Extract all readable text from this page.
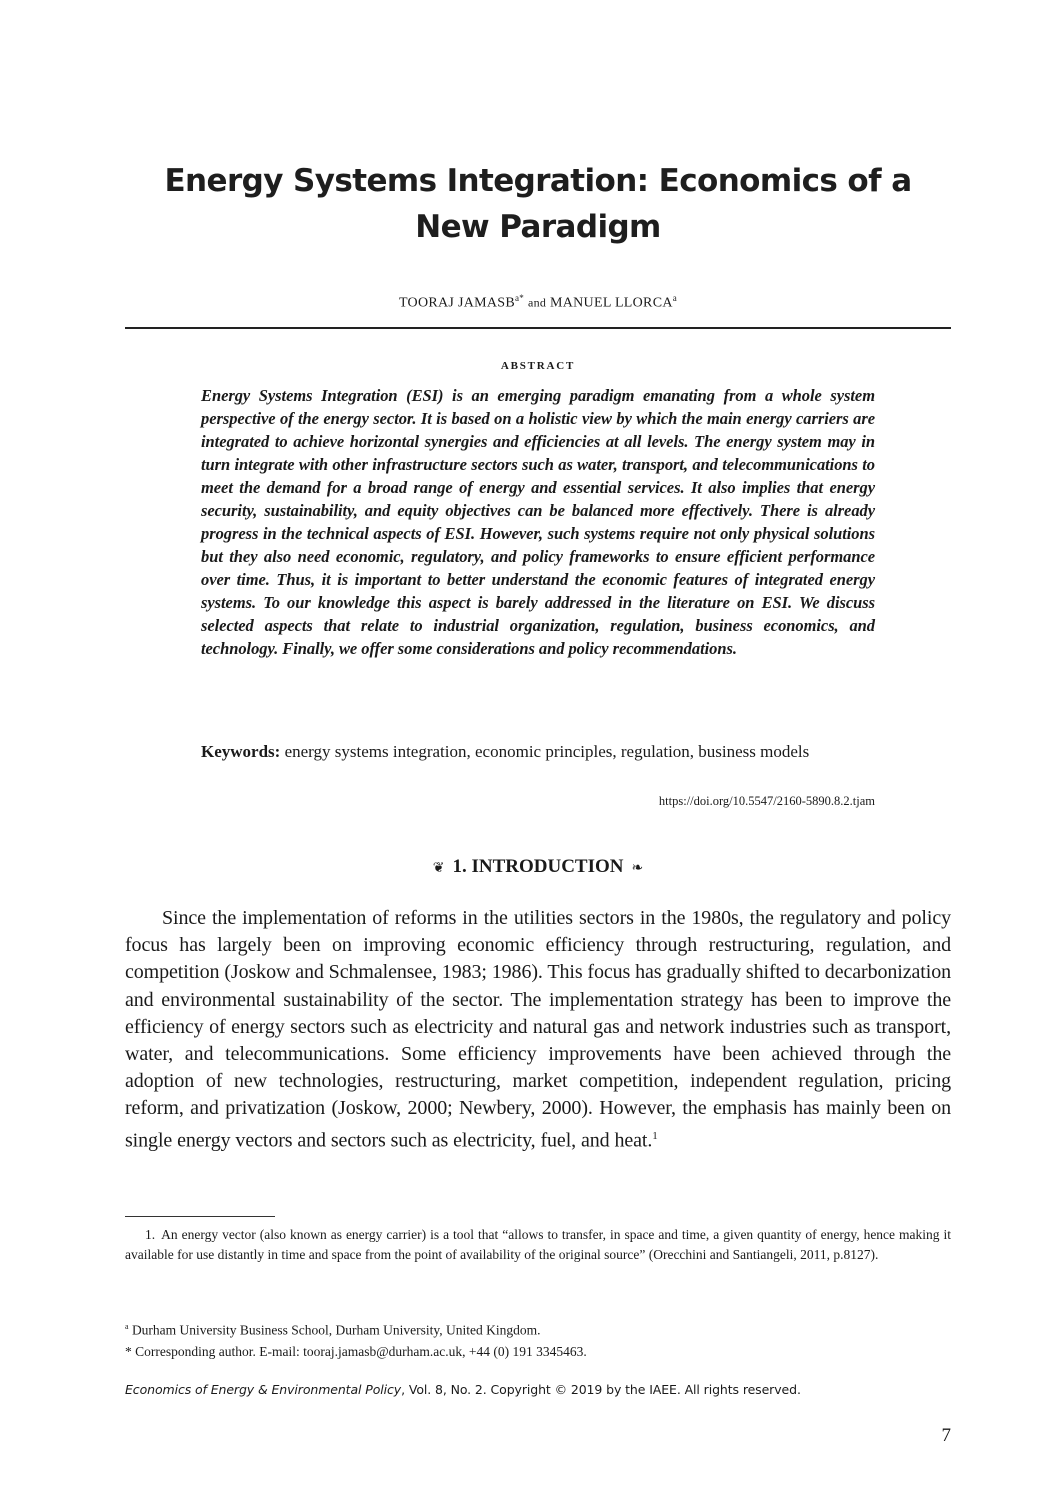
Energy Systems Integration: Economics of a
New Paradigm
TOORAJ $JAMASB^{a*}$ and MANUEL LLORCA$^a$
ABSTRACT
Energy Systems Integration (ESI) is an emerging paradigm emanating from a whole system perspective of the energy sector. It is based on a holistic view by which the main energy carriers are integrated to achieve horizontal synergies and efficiencies at all levels. The energy system may in turn integrate with other infrastructure sectors such as water, transport, and telecommunications to meet the demand for a broad range of energy and essential services. It also implies that energy security, sustainability, and equity objectives can be balanced more effectively. There is already progress in the technical aspects of ESI. However, such systems require not only physical solutions but they also need economic, regulatory, and policy frameworks to ensure efficient performance over time. Thus, it is important to better understand the economic features of integrated energy systems. To our knowledge this aspect is barely addressed in the literature on ESI. We discuss selected aspects that relate to industrial organization, regulation, business economics, and technology. Finally, we offer some considerations and policy recommendations.
Keywords: energy systems integration, economic principles, regulation, business models
https://doi.org/10.5547/2160-5890.8.2.tjam
❦ 1. INTRODUCTION ❧
Since the implementation of reforms in the utilities sectors in the 1980s, the regulatory and policy focus has largely been on improving economic efficiency through restructuring, regulation, and competition (Joskow and Schmalensee, 1983; 1986). This focus has gradually shifted to decarbonization and environmental sustainability of the sector. The implementation strategy has been to improve the efficiency of energy sectors such as electricity and natural gas and network industries such as transport, water, and telecommunications. Some efficiency improvements have been achieved through the adoption of new technologies, restructuring, market competition, independent regulation, pricing reform, and privatization (Joskow, 2000; Newbery, 2000). However, the emphasis has mainly been on single energy vectors and sectors such as electricity, fuel, and heat.$^1$
1. An energy vector (also known as energy carrier) is a tool that “allows to transfer, in space and time, a given quantity of energy, hence making it available for use distantly in time and space from the point of availability of the original source” (Orecchini and Santiangeli, 2011, p.8127).
$^a$ Durham University Business School, Durham University, United Kingdom.
* Corresponding author. E-mail: tooraj.jamasb@durham.ac.uk, +44 (0) 191 3345463.
Economics of Energy & Environmental Policy, Vol. 8, No. 2. Copyright © 2019 by the IAEE. All rights reserved.
7
